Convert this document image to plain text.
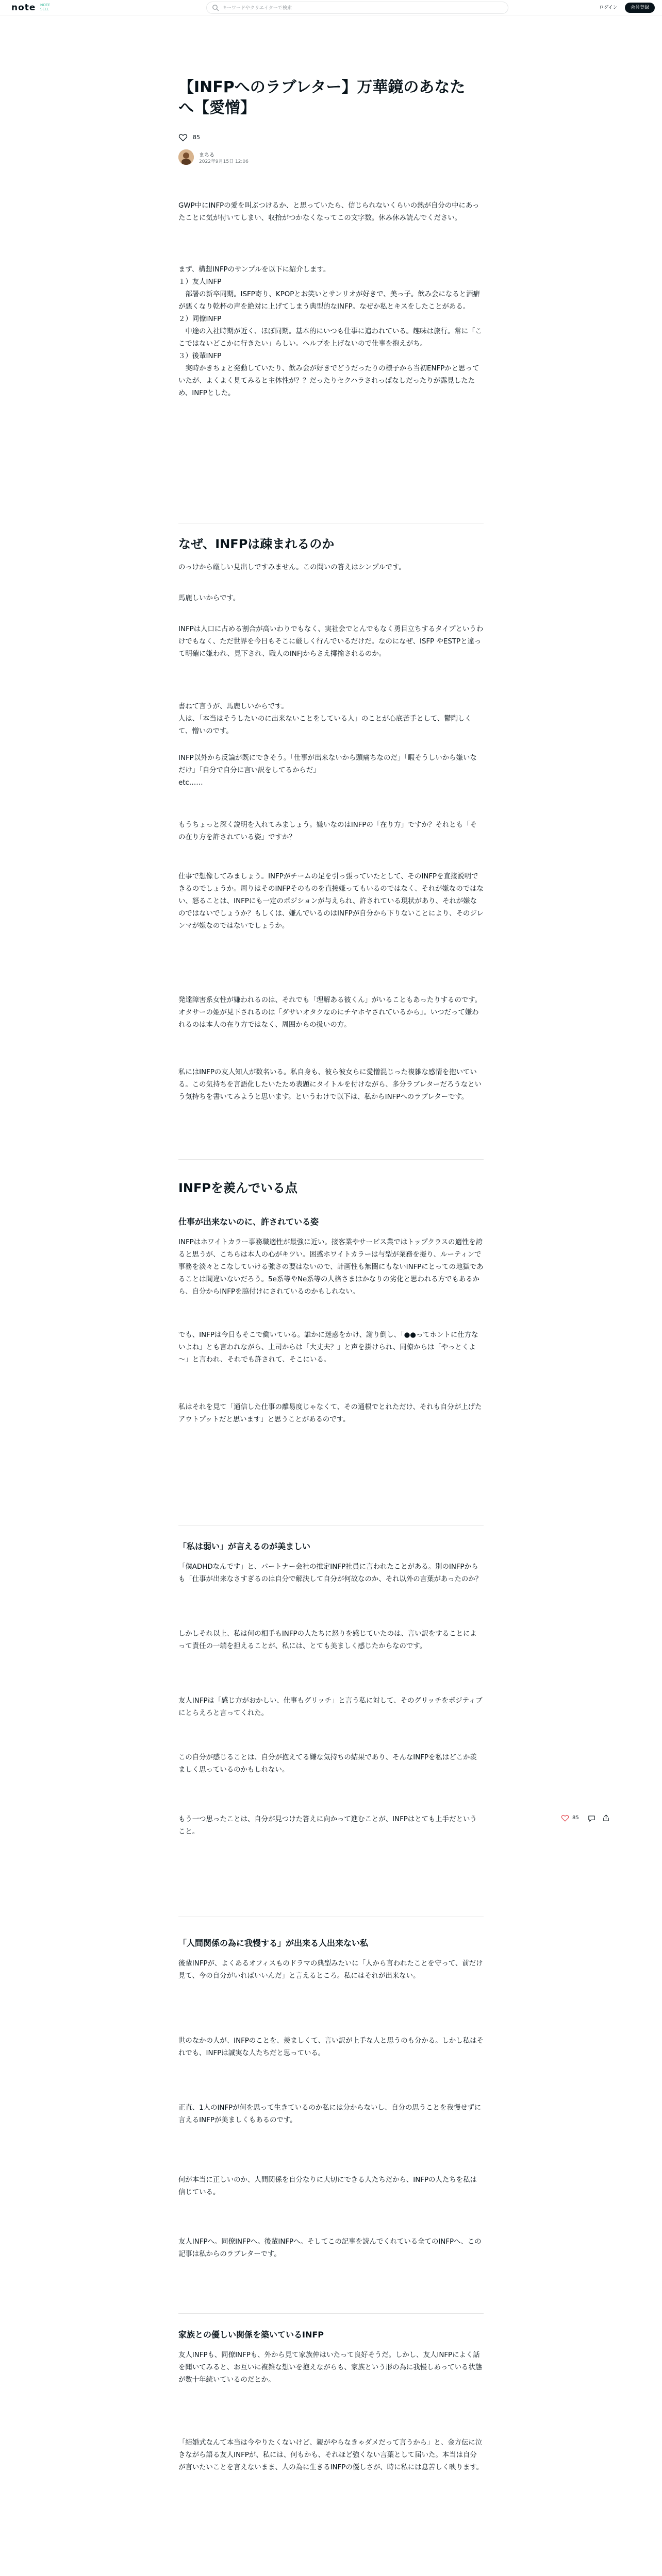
note NOTE
SELL
キーワードやクリエイターで検索	ログイン	会員登録
【INFPへのラブレター】万華鏡のあなたへ【愛憎】
85
まちる
2022年9月15日 12:06

GWP中にINFPの愛を叫ぶつけるか、と思っていたら、信じられないくらいの熱が自分の中にあったことに気が付いてしまい、収拾がつかなくなってこの文字数。休み休み読んでください。

まず、構想INFPのサンプルを以下に紹介します。
１）友人INFP
　部署の新卒同期。ISFP寄り、KPOPとお笑いとサンリオが好きで、美っ子。飲み会になると酒癖が悪くなり乾杯の声を絶対に上げてしまう典型的なINFP。なぜか私とキスをしたことがある。
２）同僚INFP
　中途の入社時期が近く、ほぼ同期。基本的にいつも仕事に追われている。趣味は旅行。常に「ここではないどこかに行きたい」らしい。ヘルプを上げないので仕事を抱えがち。
３）後輩INFP
　実時かきちょと発動していたり、飲み会が好きでどうだったりの様子から当初ENFPかと思っていたが、よくよく見てみると主体性が？？だったりセクハラされっぱなしだったりが露見したため、INFPとした。

なぜ、INFPは疎まれるのか

のっけから厳しい見出しですみません。この問いの答えはシンプルです。

馬鹿しいからです。

INFPは人口に占める割合が高いわりでもなく、実社会でとんでもなく勇目立ちするタイプというわけでもなく、ただ世界を今日もそこに厳しく行んでいるだけだ。なのになぜ、ISFP やESTPと違って明確に嫌われ、見下され、職人のINFJからさえ揶揄されるのか。

書ねて言うが、馬鹿しいからです。
人は、「本当はそうしたいのに出来ないことをしている人」のことが心底苦手として、鬱陶しくて、憎いのです。

INFP以外から反論が既にできそう。「仕事が出来ないから頭痛ちなのだ」「暇そうしいから嫌いなだけ」「自分で自分に言い訳をしてるからだ」
etc……

もうちょっと深く説明を入れてみましょう。嫌いなのはINFPの「在り方」ですか？それとも「その在り方を許されている姿」ですか？

仕事で想像してみましょう。INFPがチームの足を引っ張っていたとして、そのINFPを直接説明できるのでしょうか。周りはそのINFPそのものを直接嫌ってもいるのではなく、それが嫌なのではない、怒ることは、INFPにも一定のポジションが与えられ、許されている現状があり、それが嫌なのではないでしょうか？もしくは、嫌んでいるのはINFPが自分から下りないことにより、そのジレンマが嫌なのではないでしょうか。

発達障害系女性が嫌われるのは、それでも「理解ある彼くん」がいることもあったりするのです。オタサーの姫が見下されるのは「ダサいオタクなのにチヤホヤされているから」。いつだって嫌われるのは本人の在り方ではなく、周囲からの扱いの方。

私にはINFPの友人知人が数名いる。私自身も、彼ら彼女らに愛憎混じった複雑な感情を抱いている。この気持ちを言語化したいたため表題にタイトルを付けながら、多分ラブレターだろうなという気持ちを書いてみようと思います。というわけで以下は、私からINFPへのラブレターです。

INFPを羨んでいる点
仕事が出来ないのに、許されている姿

INFPはホワイトカラー事務職適性が最強に近い。接客業やサービス業ではトップクラスの適性を誇ると思うが、こちらは本人の心がキツい。困惑ホワイトカラーは与型が業務を擬り、ルーティンで事務を淡々とこなしていける強さの要はないので、計画性も無闇にもないINFPにとっての地獄であることは間違いないだろう。5e系等やNe系等の人格さまはかなりの劣化と思われる方でもあるから、自分からINFPを脇付けにされているのかもしれない。

でも、INFPは今日もそこで働いている。誰かに迷惑をかけ、謝り倒し、「●●ってホントに仕方ないよね」とも言われながら、上司からは「大丈夫？」と声を掛けられ、同僚からは「やっとくよ～」と言われ、それでも許されて、そこにいる。

私はそれを見て「通信した仕事の離易度じゃなくて、その通根でとれただけ、それも自分が上げたアウトプットだと思います」と思うことがあるのです。

「私は弱い」が言えるのが美ましい

「僕ADHDなんです」と、パートナー会社の推定INFP社員に言われたことがある。別のINFPからも「仕事が出来なさすぎるのは自分で解決して自分が何故なのか、それ以外の言葉があったのか？

しかしそれ以上、私は何の相手もINFPの人たちに怒りを感じていたのは、言い訳をすることによって責任の一端を担えることが、私には、とても美ましく感じたからなのです。

友人INFPは「感じ方がおかしい、仕事もグリッチ」と言う私に対して、そのグリッチをポジティブにとらえろと言ってくれた。

この自分が感じることは、自分が抱えてる嫌な気持ちの結果であり、そんなINFPを私はどこか羨ましく思っているのかもしれない。

もう一つ思ったことは、自分が見つけた答えに向かって進むことが、INFPはとても上手だということ。

「人間関係の為に我慢する」が出来る人出来ない私

後輩INFPが、よくあるオフィスものドラマの典型みたいに「人から言われたことを守って、前だけ見て、今の自分がいればいいんだ」と言えるところ。私にはそれが出来ない。

世のなかの人が、INFPのことを、羨ましくて、言い訳が上手な人と思うのも分かる。しかし私はそれでも、INFPは誠実な人たちだと思っている。

正直、1人のINFPが何を思って生きているのか私には分からないし、自分の思うことを我慢せずに言えるINFPが美ましくもあるのです。

何が本当に正しいのか、人間関係を自分なりに大切にできる人たちだから、INFPの人たちを私は信じている。

友人INFPへ。同僚INFPへ。後輩INFPへ。そしてこの記事を読んでくれている全てのINFPへ、この記事は私からのラブレターです。

家族との優しい関係を築いているINFP

友人INFPも、同僚INFPも、外から見て家族仲はいたって良好そうだ。しかし、友人INFPによく話を聞いてみると、お互いに複雑な想いを抱えながらも、家族という形の為に我慢しあっている状態が数十年続いているのだとか。

「結婚式なんて本当は今やりたくないけど、親がやらなきゃダメだって言うから」と、金方伝に泣きながら語る友人INFPが、私には、何もかも、それほど強くない言葉として届いた。本当は自分が言いたいことを言えないまま、人の為に生きるINFPの優しさが、時に私には息苦しく映ります。

85
